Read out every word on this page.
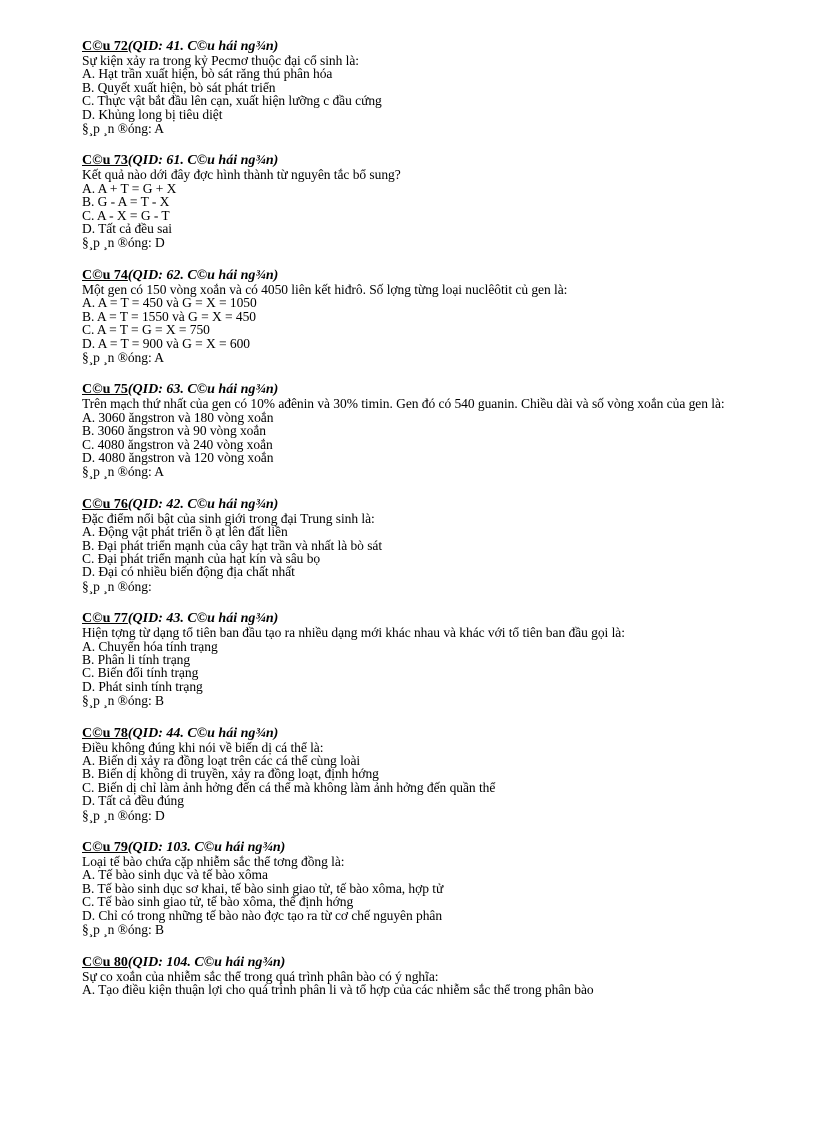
C©u 72(QID: 41. C©u hái ng¾n)
Sự kiện xảy ra trong kỷ Pecmơ thuộc đại cổ sinh là:
A. Hạt trần xuất hiện, bò sát răng thú phân hóa
B. Quyết xuất hiện, bò sát phát triển
C. Thực vật bắt đầu lên cạn, xuất hiện lưỡng c đầu cứng
D. Khủng long bị tiêu diệt
§¸p ¸n ®óng: A
C©u 73(QID: 61. C©u hái ng¾n)
Kết quả nào dới đây đợc hình thành từ nguyên tắc bổ sung?
A. A + T = G + X
B. G - A = T - X
C. A - X = G - T
D. Tất cả đều sai
§¸p ¸n ®óng: D
C©u 74(QID: 62. C©u hái ng¾n)
Một gen có 150 vòng xoắn và có 4050 liên kết hiđrô. Số lợng từng loại nuclêôtit củ gen là:
A. A = T = 450 và G = X = 1050
B. A = T = 1550 và G = X = 450
C. A = T = G = X = 750
D. A = T = 900 và G = X = 600
§¸p ¸n ®óng: A
C©u 75(QID: 63. C©u hái ng¾n)
Trên mạch thứ nhất của gen có 10% ađênin và 30% timin. Gen đó có 540 guanin. Chiều dài và số vòng xoắn của gen là:
A. 3060 ăngstron và 180 vòng xoắn
B. 3060 ăngstron và 90 vòng xoắn
C. 4080 ăngstron và 240 vòng xoắn
D. 4080 ăngstron và 120 vòng xoắn
§¸p ¸n ®óng: A
C©u 76(QID: 42. C©u hái ng¾n)
Đặc điểm nổi bật của sinh giới trong đại Trung sinh là:
A. Động vật phát triển ồ ạt lên đất liền
B. Đại phát triển mạnh của cây hạt trần và nhất là bò sát
C. Đại phát triển mạnh của hạt kín và sâu bọ
D. Đại có nhiều biến động địa chất nhất
§¸p ¸n ®óng:
C©u 77(QID: 43. C©u hái ng¾n)
Hiện tợng từ dạng tổ tiên ban đầu tạo ra nhiều dạng mới khác nhau và khác với tổ tiên ban đầu gọi là:
A. Chuyển hóa tính trạng
B. Phân li tính trạng
C. Biến đổi tính trạng
D. Phát sinh tính trạng
§¸p ¸n ®óng: B
C©u 78(QID: 44. C©u hái ng¾n)
Điều không đúng khi nói về biến dị cá thể là:
A. Biến dị xảy ra đồng loạt trên các cá thể cùng loài
B. Biến dị không di truyền, xảy ra đồng loạt, định hớng
C. Biến dị chỉ làm ảnh hởng đến cá thể mà không làm ảnh hởng đến quần thể
D. Tất cả đều đúng
§¸p ¸n ®óng: D
C©u 79(QID: 103. C©u hái ng¾n)
Loại tế bào chứa cặp nhiễm sắc thể tơng đồng là:
A. Tế bào sinh dục và tế bào xôma
B. Tế bào sinh dục sơ khai, tế bào sinh giao tử, tế bào xôma, hợp tử
C. Tế bào sinh giao tử, tế bào xôma, thể định hớng
D. Chỉ có trong những tế bào nào đợc tạo ra từ cơ chế nguyên phân
§¸p ¸n ®óng: B
C©u 80(QID: 104. C©u hái ng¾n)
Sự co xoắn của nhiễm sắc thể trong quá trình phân bào có ý nghĩa:
A. Tạo điều kiện thuận lợi cho quá trình phân li và tổ hợp của các nhiễm sắc thể trong phân bào
